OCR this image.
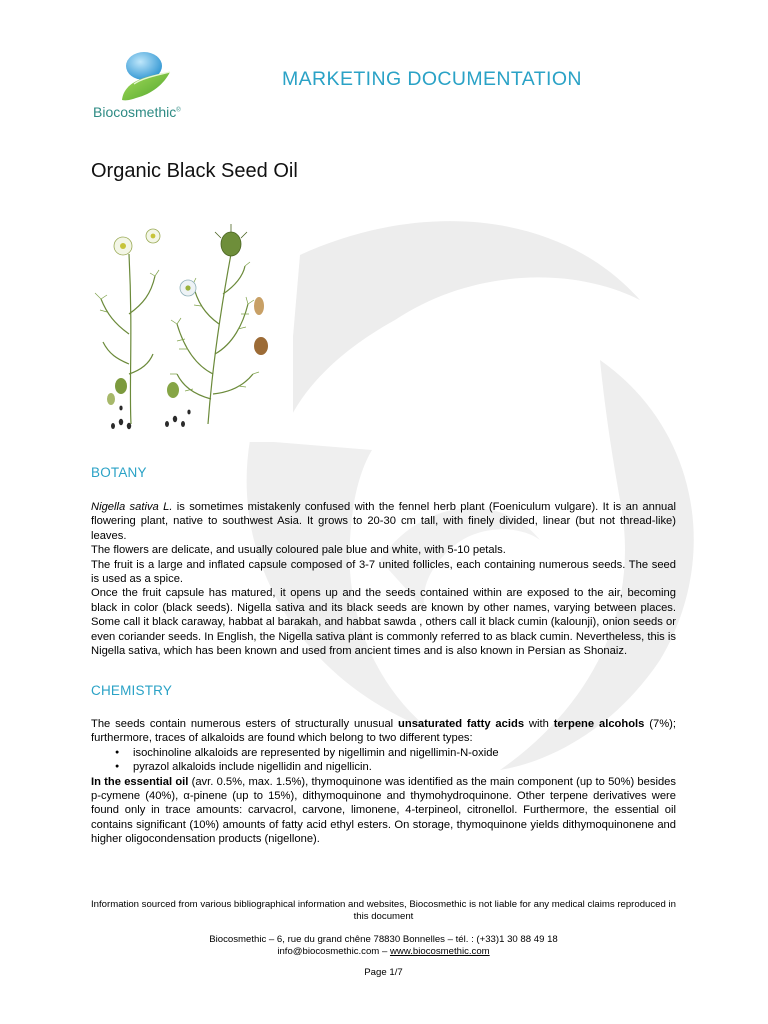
Biocosmethic®
MARKETING DOCUMENTATION
Organic Black Seed Oil
BOTANY

Nigella sativa L. is sometimes mistakenly confused with the fennel herb plant (Foeniculum vulgare). It is an annual flowering plant, native to southwest Asia. It grows to 20-30 cm tall, with finely divided, linear (but not thread-like) leaves.

The flowers are delicate, and usually coloured pale blue and white, with 5-10 petals.

The fruit is a large and inflated capsule composed of 3-7 united follicles, each containing numerous seeds. The seed is used as a spice.

Once the fruit capsule has matured, it opens up and the seeds contained within are exposed to the air, becoming black in color (black seeds). Nigella sativa and its black seeds are known by other names, varying between places. Some call it black caraway, habbat al barakah, and habbat sawda , others call it black cumin (kalounji), onion seeds or even coriander seeds. In English, the Nigella sativa plant is commonly referred to as black cumin. Nevertheless, this is Nigella sativa, which has been known and used from ancient times and is also known in Persian as Shonaiz.

CHEMISTRY

The seeds contain numerous esters of structurally unusual unsaturated fatty acids with terpene alcohols (7%); furthermore, traces of alkaloids are found which belong to two different types:

● isochinoline alkaloids are represented by nigellimin and nigellimin-N-oxide
● pyrazol alkaloids include nigellidin and nigellicin.

In the essential oil (avr. 0.5%, max. 1.5%), thymoquinone was identified as the main component (up to 50%) besides p-cymene (40%), α-pinene (up to 15%), dithymoquinone and thymohydroquinone. Other terpene derivatives were found only in trace amounts: carvacrol, carvone, limonene, 4-terpineol, citronellol. Furthermore, the essential oil contains significant (10%) amounts of fatty acid ethyl esters. On storage, thymoquinone yields dithymoquinonene and higher oligocondensation products (nigellone).

Information sourced from various bibliographical information and websites, Biocosmethic is not liable for any medical claims reproduced in this document
Biocosmethic – 6, rue du grand chêne 78830 Bonnelles – tél. : (+33)1 30 88 49 18
info@biocosmethic.com – www.biocosmethic.com
Page 1/7
